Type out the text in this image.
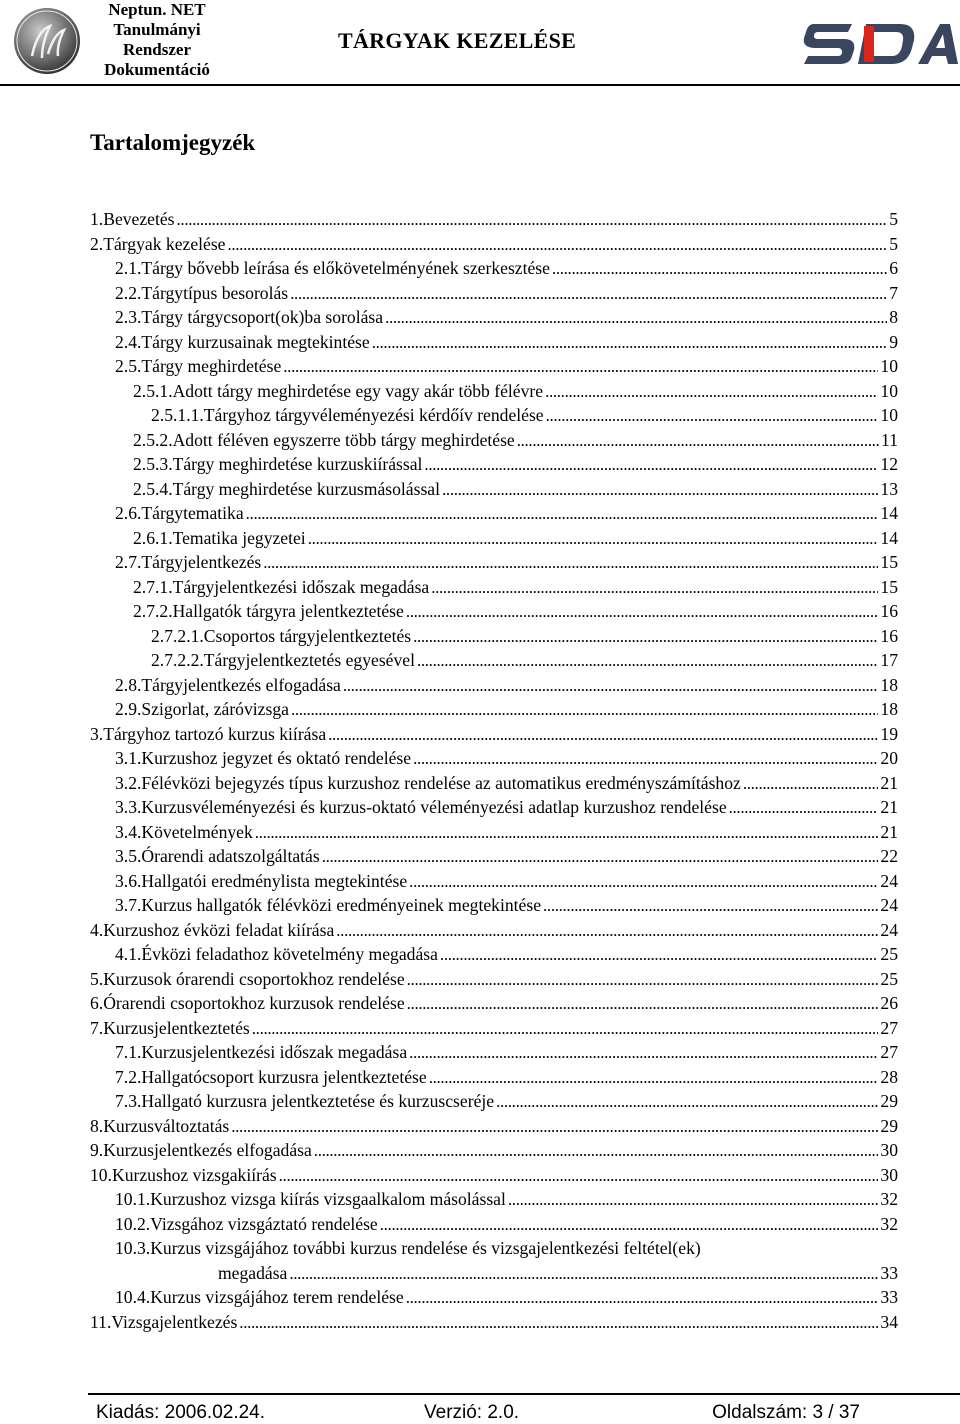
Neptun. NET
Tanulmányi
Rendszer
Dokumentáció
TÁRGYAK KEZELÉSE
Tartalomjegyzék
1. Bevezetés . . .	5
2. Tárgyak kezelése . . .	5
2.1. Tárgy bővebb leírása és előkövetelményének szerkesztése . . .	6
2.2. Tárgytípus besorolás . . .	7
2.3. Tárgy tárgycsoport(ok)ba sorolása . . .	8
2.4. Tárgy kurzusainak megtekintése . . .	9
2.5. Tárgy meghirdetése . . .	10
2.5.1. Adott tárgy meghirdetése egy vagy akár több félévre . . .	10
2.5.1.1. Tárgyhoz tárgyvéleményezési kérdőív rendelése . . .	10
2.5.2. Adott féléven egyszerre több tárgy meghirdetése . . .	11
2.5.3. Tárgy meghirdetése kurzuskiírással . . .	12
2.5.4. Tárgy meghirdetése kurzusmásolással . . .	13
2.6. Tárgytematika . . .	14
2.6.1. Tematika jegyzetei . . .	14
2.7. Tárgyjelentkezés . . .	15
2.7.1. Tárgyjelentkezési időszak megadása . . .	15
2.7.2. Hallgatók tárgyra jelentkeztetése . . .	16
2.7.2.1. Csoportos tárgyjelentkeztetés . . .	16
2.7.2.2. Tárgyjelentkeztetés egyesével . . .	17
2.8. Tárgyjelentkezés elfogadása . . .	18
2.9. Szigorlat, záróvizsga . . .	18
3. Tárgyhoz tartozó kurzus kiírása . . .	19
3.1. Kurzushoz jegyzet és oktató rendelése . . .	20
3.2. Félévközi bejegyzés típus kurzushoz rendelése az automatikus eredményszámításhoz . . .	21
3.3. Kurzusvéleményezési és kurzus-oktató véleményezési adatlap kurzushoz rendelése . . .	21
3.4. Követelmények . . .	21
3.5. Órarendi adatszolgáltatás . . .	22
3.6. Hallgatói eredménylista megtekintése . . .	24
3.7. Kurzus hallgatók félévközi eredményeinek megtekintése . . .	24
4. Kurzushoz évközi feladat kiírása . . .	24
4.1. Évközi feladathoz követelmény megadása . . .	25
5. Kurzusok órarendi csoportokhoz rendelése . . .	25
6. Órarendi csoportokhoz kurzusok rendelése . . .	26
7. Kurzusjelentkeztetés . . .	27
7.1. Kurzusjelentkezési időszak megadása . . .	27
7.2. Hallgatócsoport kurzusra jelentkeztetése . . .	28
7.3. Hallgató kurzusra jelentkeztetése és kurzuscseréje . . .	29
8. Kurzusváltoztatás . . .	29
9. Kurzusjelentkezés elfogadása . . .	30
10. Kurzushoz vizsgakiírás . . .	30
10.1. Kurzushoz vizsga kiírás vizsgaalkalom másolással . . .	32
10.2. Vizsgához vizsgáztató rendelése . . .	32
10.3.Kurzus vizsgájához további kurzus rendelése és vizsgajelentkezési feltétel(ek)
megadása . . .	33
10.4. Kurzus vizsgájához terem rendelése . . .	33
11. Vizsgajelentkezés . . .	34
Kiadás: 2006.02.24.	Verzió: 2.0.	Oldalszám: 3 / 37
